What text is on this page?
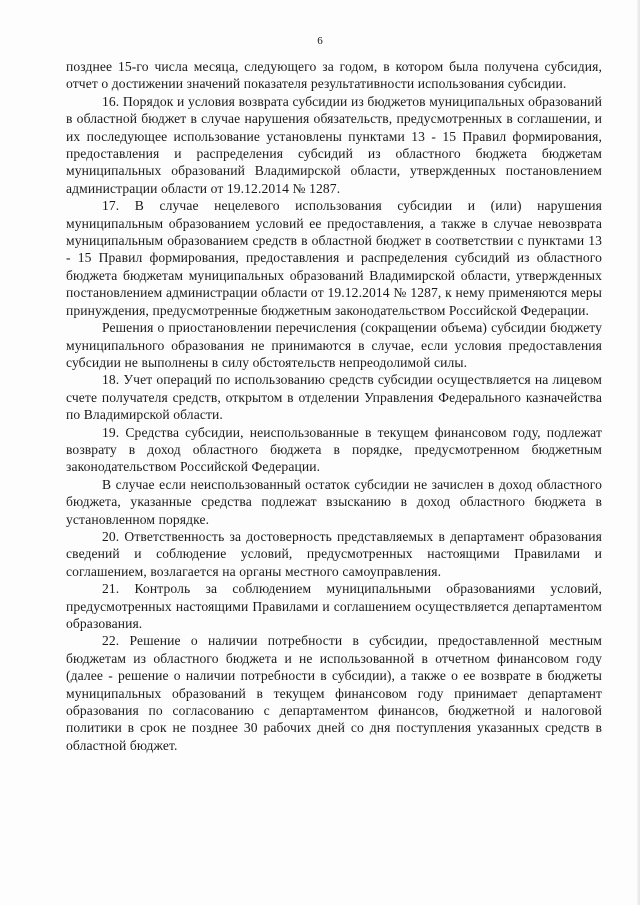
6

позднее 15-го числа месяца, следующего за годом, в котором была получена субсидия, отчет о достижении значений показателя результативности использования субсидии.

16. Порядок и условия возврата субсидии из бюджетов муниципальных образований в областной бюджет в случае нарушения обязательств, предусмотренных в соглашении, и их последующее использование установлены пунктами 13 - 15 Правил формирования, предоставления и распределения субсидий из областного бюджета бюджетам муниципальных образований Владимирской области, утвержденных постановлением администрации области от 19.12.2014 № 1287.

17. В случае нецелевого использования субсидии и (или) нарушения муниципальным образованием условий ее предоставления, а также в случае невозврата муниципальным образованием средств в областной бюджет в соответствии с пунктами 13 - 15 Правил формирования, предоставления и распределения субсидий из областного бюджета бюджетам муниципальных образований Владимирской области, утвержденных постановлением администрации области от 19.12.2014 № 1287, к нему применяются меры принуждения, предусмотренные бюджетным законодательством Российской Федерации.

Решения о приостановлении перечисления (сокращении объема) субсидии бюджету муниципального образования не принимаются в случае, если условия предоставления субсидии не выполнены в силу обстоятельств непреодолимой силы.

18. Учет операций по использованию средств субсидии осуществляется на лицевом счете получателя средств, открытом в отделении Управления Федерального казначейства по Владимирской области.

19. Средства субсидии, неиспользованные в текущем финансовом году, подлежат возврату в доход областного бюджета в порядке, предусмотренном бюджетным законодательством Российской Федерации.

В случае если неиспользованный остаток субсидии не зачислен в доход областного бюджета, указанные средства подлежат взысканию в доход областного бюджета в установленном порядке.

20. Ответственность за достоверность представляемых в департамент образования сведений и соблюдение условий, предусмотренных настоящими Правилами и соглашением, возлагается на органы местного самоуправления.

21. Контроль за соблюдением муниципальными образованиями условий, предусмотренных настоящими Правилами и соглашением осуществляется департаментом образования.

22. Решение о наличии потребности в субсидии, предоставленной местным бюджетам из областного бюджета и не использованной в отчетном финансовом году (далее - решение о наличии потребности в субсидии), а также о ее возврате в бюджеты муниципальных образований в текущем финансовом году принимает департамент образования по согласованию с департаментом финансов, бюджетной и налоговой политики в срок не позднее 30 рабочих дней со дня поступления указанных средств в областной бюджет.
